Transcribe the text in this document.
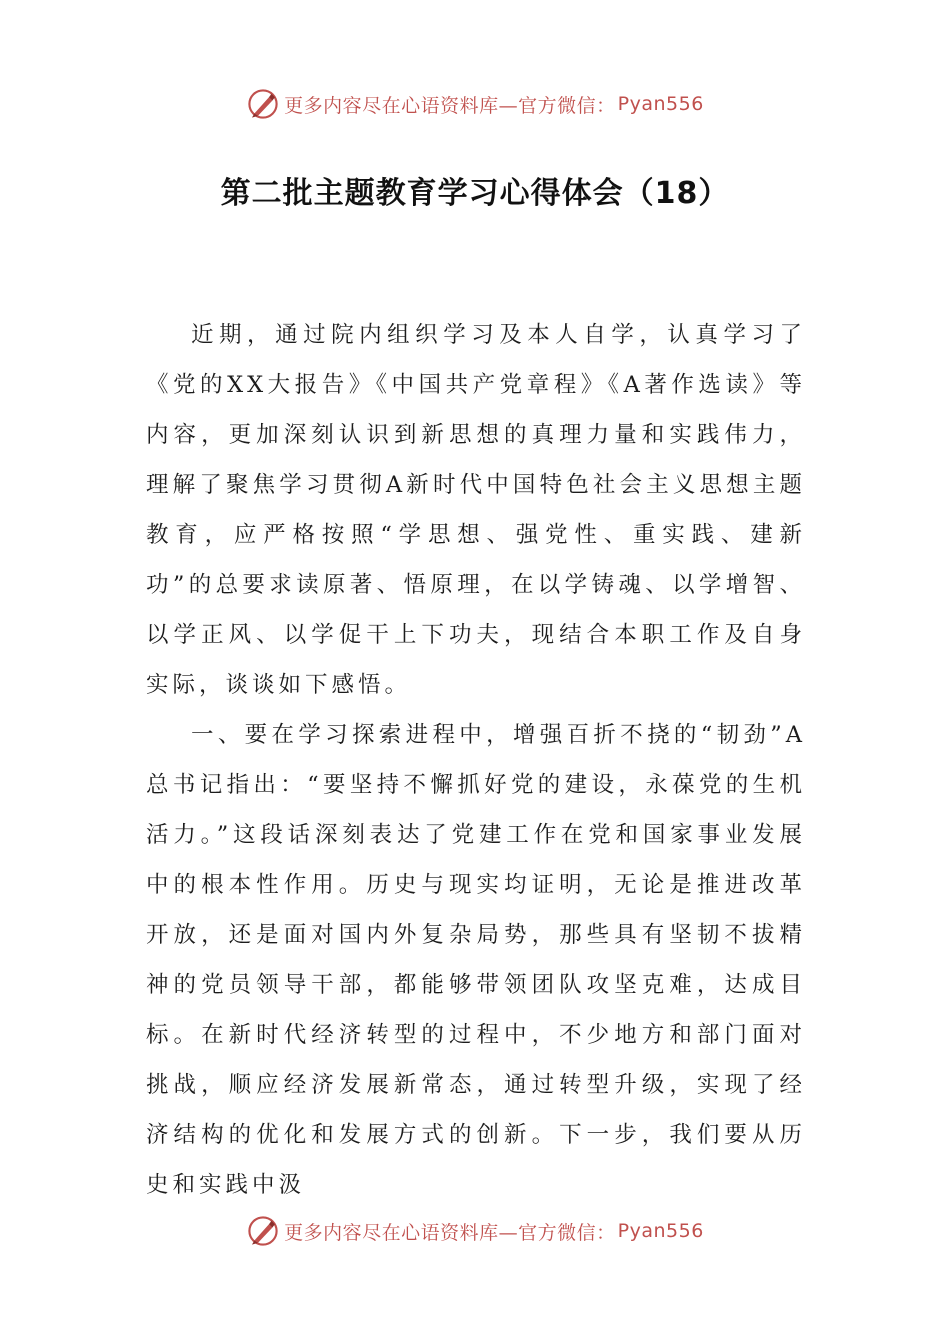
更多内容尽在心语资料库—官方微信： Pyan556
第二批主题教育学习心得体会（18）

近期，通过院内组织学习及本人自学，认真学习了《党的XX大报告》《中国共产党章程》《A著作选读》等内容，更加深刻认识到新思想的真理力量和实践伟力，理解了聚焦学习贯彻A新时代中国特色社会主义思想主题教育，应严格按照“学思想、强党性、重实践、建新功”的总要求读原著、悟原理，在以学铸魂、以学增智、以学正风、以学促干上下功夫，现结合本职工作及自身实际，谈谈如下感悟。

一、要在学习探索进程中，增强百折不挠的“韧劲”A总书记指出：“要坚持不懈抓好党的建设，永葆党的生机活力。”这段话深刻表达了党建工作在党和国家事业发展中的根本性作用。历史与现实均证明，无论是推进改革开放，还是面对国内外复杂局势，那些具有坚韧不拔精神的党员领导干部，都能够带领团队攻坚克难，达成目标。在新时代经济转型的过程中，不少地方和部门面对挑战，顺应经济发展新常态，通过转型升级，实现了经济结构的优化和发展方式的创新。下一步，我们要从历史和实践中汲

更多内容尽在心语资料库—官方微信： Pyan556
